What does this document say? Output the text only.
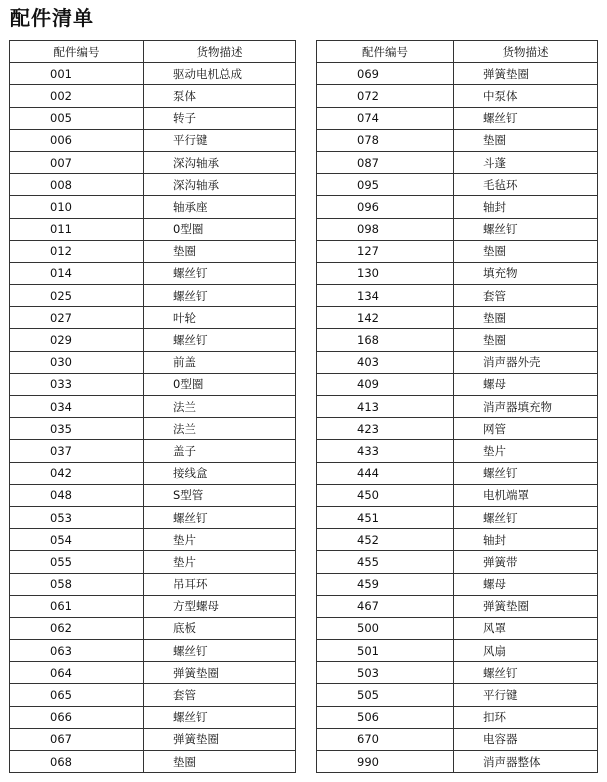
配件清单
配件编号	货物描述
001	驱动电机总成
002	泵体
005	转子
006	平行键
007	深沟轴承
008	深沟轴承
010	轴承座
011	0型圈
012	垫圈
014	螺丝钉
025	螺丝钉
027	叶轮
029	螺丝钉
030	前盖
033	0型圈
034	法兰
035	法兰
037	盖子
042	接线盒
048	S型管
053	螺丝钉
054	垫片
055	垫片
058	吊耳环
061	方型螺母
062	底板
063	螺丝钉
064	弹簧垫圈
065	套管
066	螺丝钉
067	弹簧垫圈
068	垫圈
配件编号	货物描述
069	弹簧垫圈
072	中泵体
074	螺丝钉
078	垫圈
087	斗蓬
095	毛毡环
096	轴封
098	螺丝钉
127	垫圈
130	填充物
134	套管
142	垫圈
168	垫圈
403	消声器外壳
409	螺母
413	消声器填充物
423	网管
433	垫片
444	螺丝钉
450	电机端罩
451	螺丝钉
452	轴封
455	弹簧带
459	螺母
467	弹簧垫圈
500	风罩
501	风扇
503	螺丝钉
505	平行键
506	扣环
670	电容器
990	消声器整体
